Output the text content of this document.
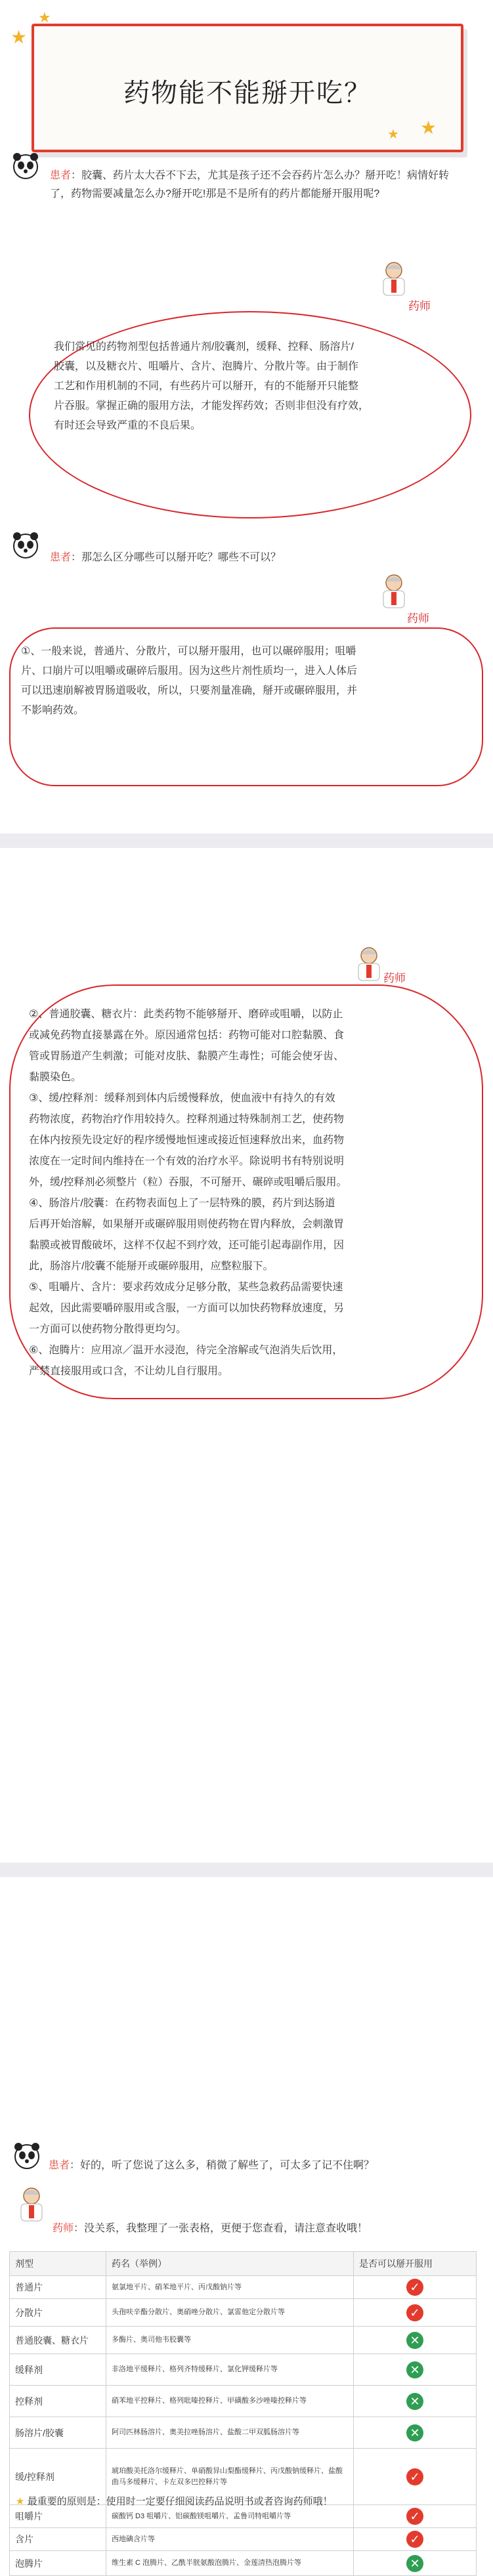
药物能不能掰开吃？
★
★
★
★
患者：胶囊、药片太大吞不下去，尤其是孩子还不会吞药片怎么办？掰开吃！病情好转了，药物需要减量怎么办?掰开吃!那是不是所有的药片都能掰开服用呢?
药师
我们常见的药物剂型包括普通片剂/胶囊剂，缓释、控释、肠溶片/
胶囊，以及糖衣片、咀嚼片、含片、泡腾片、分散片等。由于制作
工艺和作用机制的不同，有些药片可以掰开，有的不能掰开只能整
片吞服。掌握正确的服用方法，才能发挥药效；否则非但没有疗效，
有时还会导致严重的不良后果。
患者：那怎么区分哪些可以掰开吃？哪些不可以？
药师
①、一般来说，普通片、分散片，可以掰开服用，也可以碾碎服用；咀嚼
片、口崩片可以咀嚼或碾碎后服用。因为这些片剂性质均一，进入人体后
可以迅速崩解被胃肠道吸收，所以，只要剂量准确，掰开或碾碎服用，并
不影响药效。
药师
②、普通胶囊、糖衣片：此类药物不能够掰开、磨碎或咀嚼，以防止
或减免药物直接暴露在外。原因通常包括：药物可能对口腔黏膜、食
管或胃肠道产生刺激；可能对皮肤、黏膜产生毒性；可能会使牙齿、
黏膜染色。
③、缓/控释剂：缓释剂到体内后缓慢释放，使血液中有持久的有效
药物浓度，药物治疗作用较持久。控释剂通过特殊制剂工艺，使药物
在体内按预先设定好的程序缓慢地恒速或接近恒速释放出来，血药物
浓度在一定时间内维持在一个有效的治疗水平。除说明书有特别说明
外，缓/控释剂必须整片（粒）吞服，不可掰开、碾碎或咀嚼后服用。
④、肠溶片/胶囊：在药物表面包上了一层特殊的膜，药片到达肠道
后再开始溶解，如果掰开或碾碎服用则使药物在胃内释放，会刺激胃
黏膜或被胃酸破坏，这样不仅起不到疗效，还可能引起毒副作用，因
此，肠溶片/胶囊不能掰开或碾碎服用，应整粒服下。
⑤、咀嚼片、含片：要求药效成分足够分散，某些急救药品需要快速
起效，因此需要嚼碎服用或含服，一方面可以加快药物释放速度，另
一方面可以使药物分散得更均匀。
⑥、泡腾片：应用凉／温开水浸泡，待完全溶解或气泡消失后饮用，
严禁直接服用或口含，不让幼儿自行服用。
患者：好的，听了您说了这么多，稍微了解些了，可太多了记不住啊？
药师：没关系，我整理了一张表格，更便于您查看，请注意查收哦！
剂型	药名（举例）	是否可以掰开服用
普通片	氨氯地平片、硝苯地平片、丙戊酸钠片等	✓
分散片	头孢呋辛酯分散片、奥硝唑分散片、氯雷他定分散片等	✓
普通胶囊、糖衣片	多酶片、奥司他韦胶囊等	✕
缓释剂	非洛地平缓释片、格列齐特缓释片、氯化钾缓释片等	✕
控释剂	硝苯地平控释片、格列吡嗪控释片、甲磺酸多沙唑嗪控释片等	✕
肠溶片/胶囊	阿司匹林肠溶片、奥美拉唑肠溶片、盐酸二甲双胍肠溶片等	✕
缓/控释剂	琥珀酸美托洛尔缓释片、单硝酸异山梨酯缓释片、丙戊酸钠缓释片、盐酸曲马多缓释片、卡左双多巴控释片等	✓
咀嚼片	碳酸钙 D3 咀嚼片、铝碳酸镁咀嚼片、孟鲁司特咀嚼片等	✓
含片	西地碘含片等	✓
泡腾片	维生素 C 泡腾片、乙酰半胱氨酸泡腾片、金莲清热泡腾片等	✕
★ 最重要的原则是：使用时一定要仔细阅读药品说明书或者咨询药师哦！
